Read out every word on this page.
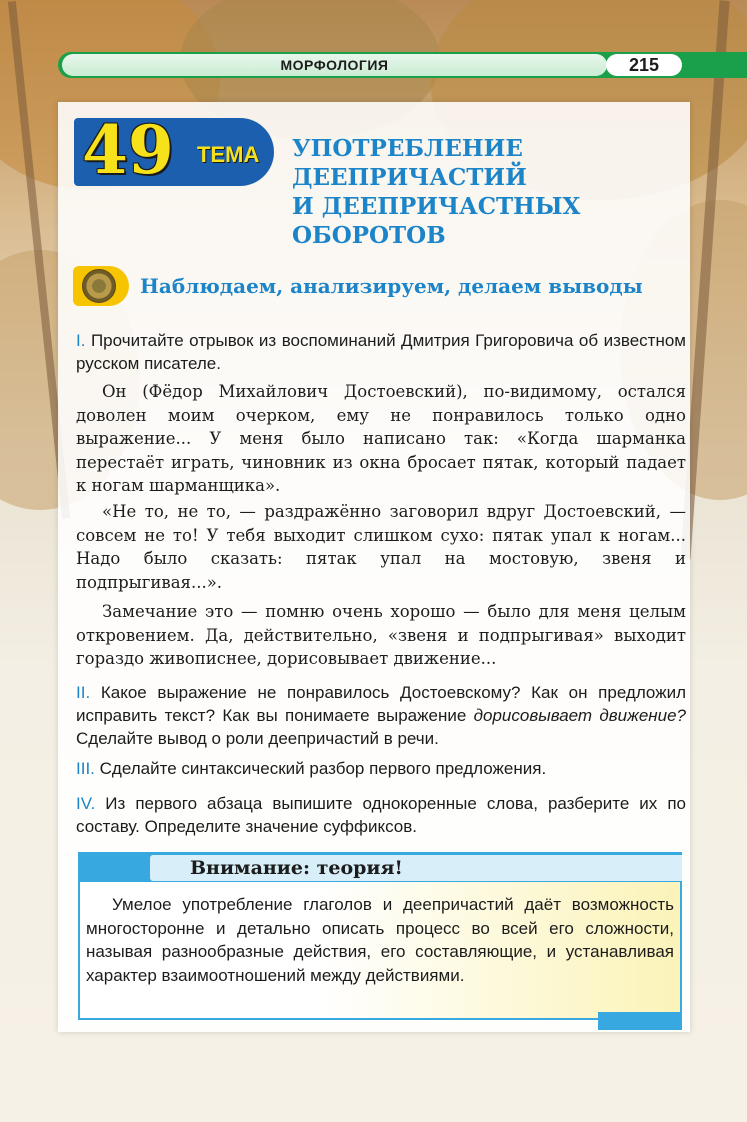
МОРФОЛОГИЯ	215
49 ТЕМА УПОТРЕБЛЕНИЕ
ДЕЕПРИЧАСТИЙ
И ДЕЕПРИЧАСТНЫХ
ОБОРОТОВ
Наблюдаем, анализируем, делаем выводы
I. Прочитайте отрывок из воспоминаний Дмитрия Григоровича об известном русском писателе.
Он (Фёдор Михайлович Достоевский), по-видимому, остался доволен моим очерком, ему не понравилось только одно выражение... У меня было написано так: «Когда шарманка перестаёт играть, чиновник из окна бросает пятак, который падает к ногам шарманщика».
«Не то, не то, — раздражённо заговорил вдруг Достоевский, — совсем не то! У тебя выходит слишком сухо: пятак упал к ногам... Надо было сказать: пятак упал на мостовую, звеня и подпрыгивая...».
Замечание это — помню очень хорошо — было для меня целым откровением. Да, действительно, «звеня и подпрыгивая» выходит гораздо живописнее, дорисовывает движение...
II. Какое выражение не понравилось Достоевскому? Как он предложил исправить текст? Как вы понимаете выражение дорисовывает движение? Сделайте вывод о роли деепричастий в речи.
III. Сделайте синтаксический разбор первого предложения.
IV. Из первого абзаца выпишите однокоренные слова, разберите их по составу. Определите значение суффиксов.
Внимание: теория!
Умелое употребление глаголов и деепричастий даёт возможность многосторонне и детально описать процесс во всей его сложности, называя разнообразные действия, его составляющие, и устанавливая характер взаимоотношений между действиями.
